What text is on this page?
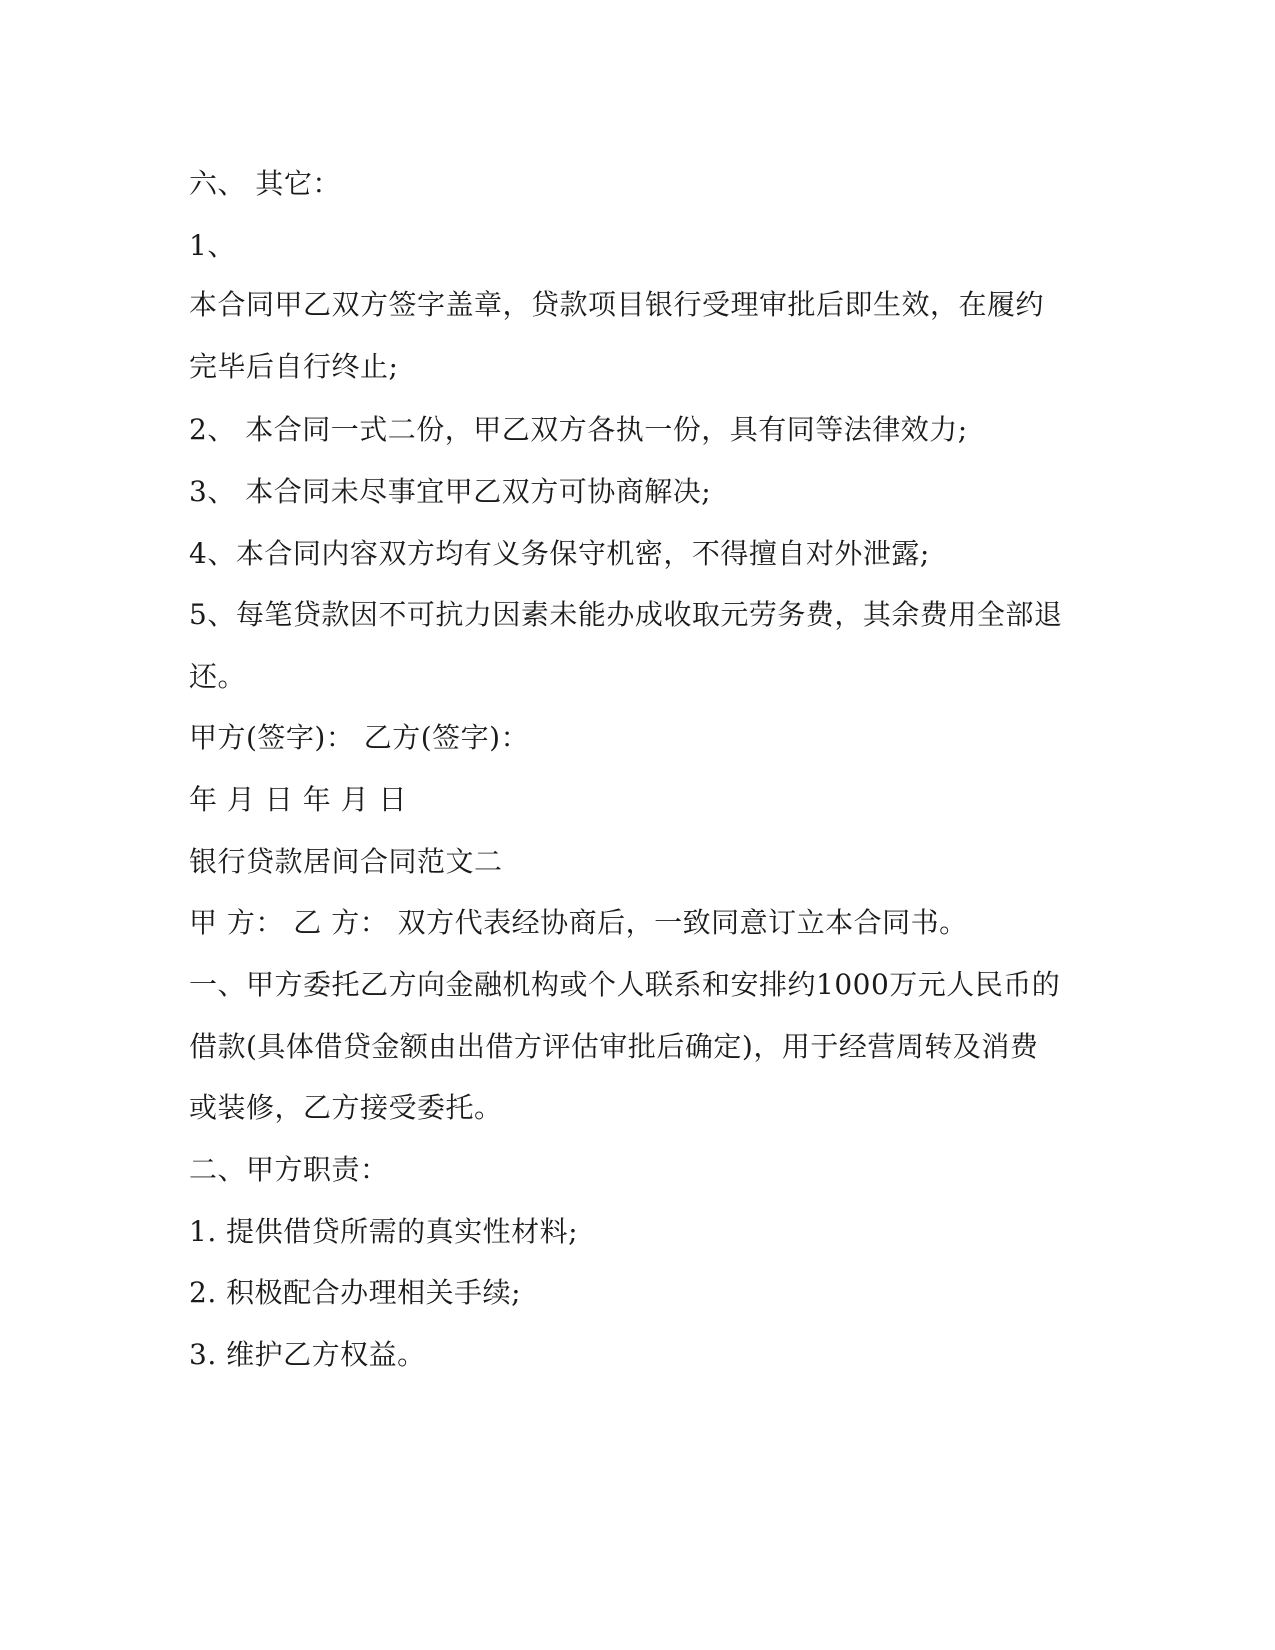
六、 其它：
1、
本合同甲乙双方签字盖章，贷款项目银行受理审批后即生效，在履约
完毕后自行终止;
2、 本合同一式二份，甲乙双方各执一份，具有同等法律效力;
3、 本合同未尽事宜甲乙双方可协商解决;
4、本合同内容双方均有义务保守机密，不得擅自对外泄露;
5、每笔贷款因不可抗力因素未能办成收取元劳务费，其余费用全部退
还。
甲方(签字)： 乙方(签字)：
年 月 日 年 月 日
银行贷款居间合同范文二
甲 方： 乙 方： 双方代表经协商后，一致同意订立本合同书。
一、甲方委托乙方向金融机构或个人联系和安排约1000万元人民币的
借款(具体借贷金额由出借方评估审批后确定)，用于经营周转及消费
或装修，乙方接受委托。
二、甲方职责：
1. 提供借贷所需的真实性材料;
2. 积极配合办理相关手续;
3. 维护乙方权益。
